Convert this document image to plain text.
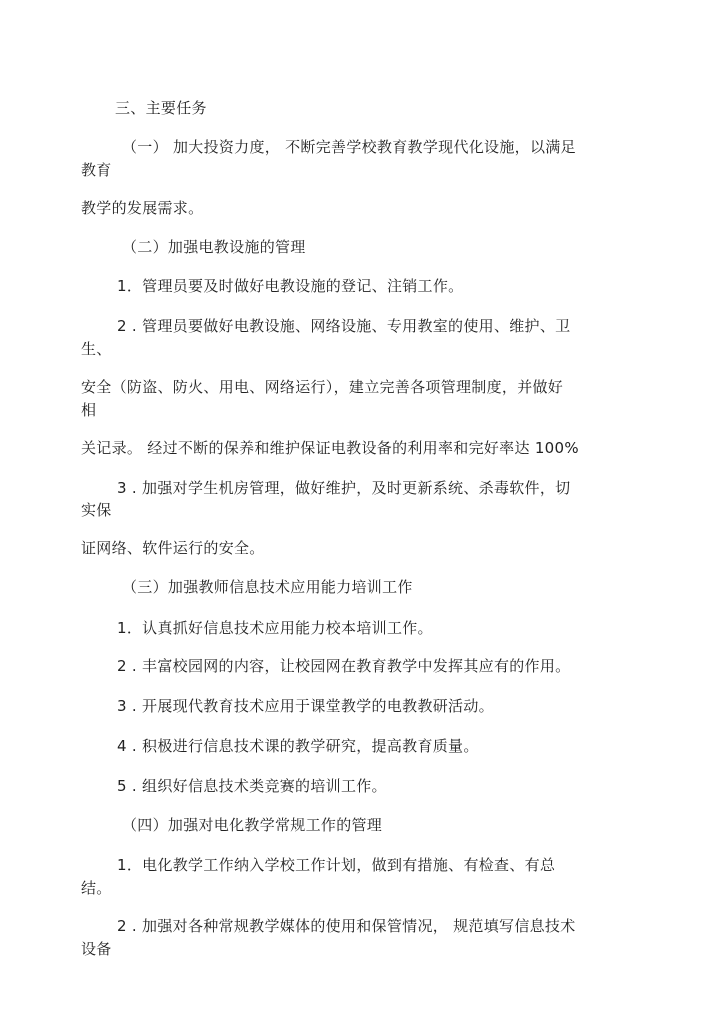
三、主要任务
（一） 加大投资力度， 不断完善学校教育教学现代化设施，以满足
教育
教学的发展需求。
（二）加强电教设施的管理
1．管理员要及时做好电教设施的登记、注销工作。
2 . 管理员要做好电教设施、网络设施、专用教室的使用、维护、卫
生、
安全（防盗、防火、用电、网络运行），建立完善各项管理制度，并做好
相
关记录。 经过不断的保养和维护保证电教设备的利用率和完好率达 100%
3 . 加强对学生机房管理，做好维护，及时更新系统、杀毒软件，切
实保
证网络、软件运行的安全。
（三）加强教师信息技术应用能力培训工作
1．认真抓好信息技术应用能力校本培训工作。
2 . 丰富校园网的内容，让校园网在教育教学中发挥其应有的作用。
3 . 开展现代教育技术应用于课堂教学的电教教研活动。
4 . 积极进行信息技术课的教学研究，提高教育质量。
5 . 组织好信息技术类竞赛的培训工作。
（四）加强对电化教学常规工作的管理
1．电化教学工作纳入学校工作计划，做到有措施、有检查、有总
结。
2 . 加强对各种常规教学媒体的使用和保管情况， 规范填写信息技术
设备
